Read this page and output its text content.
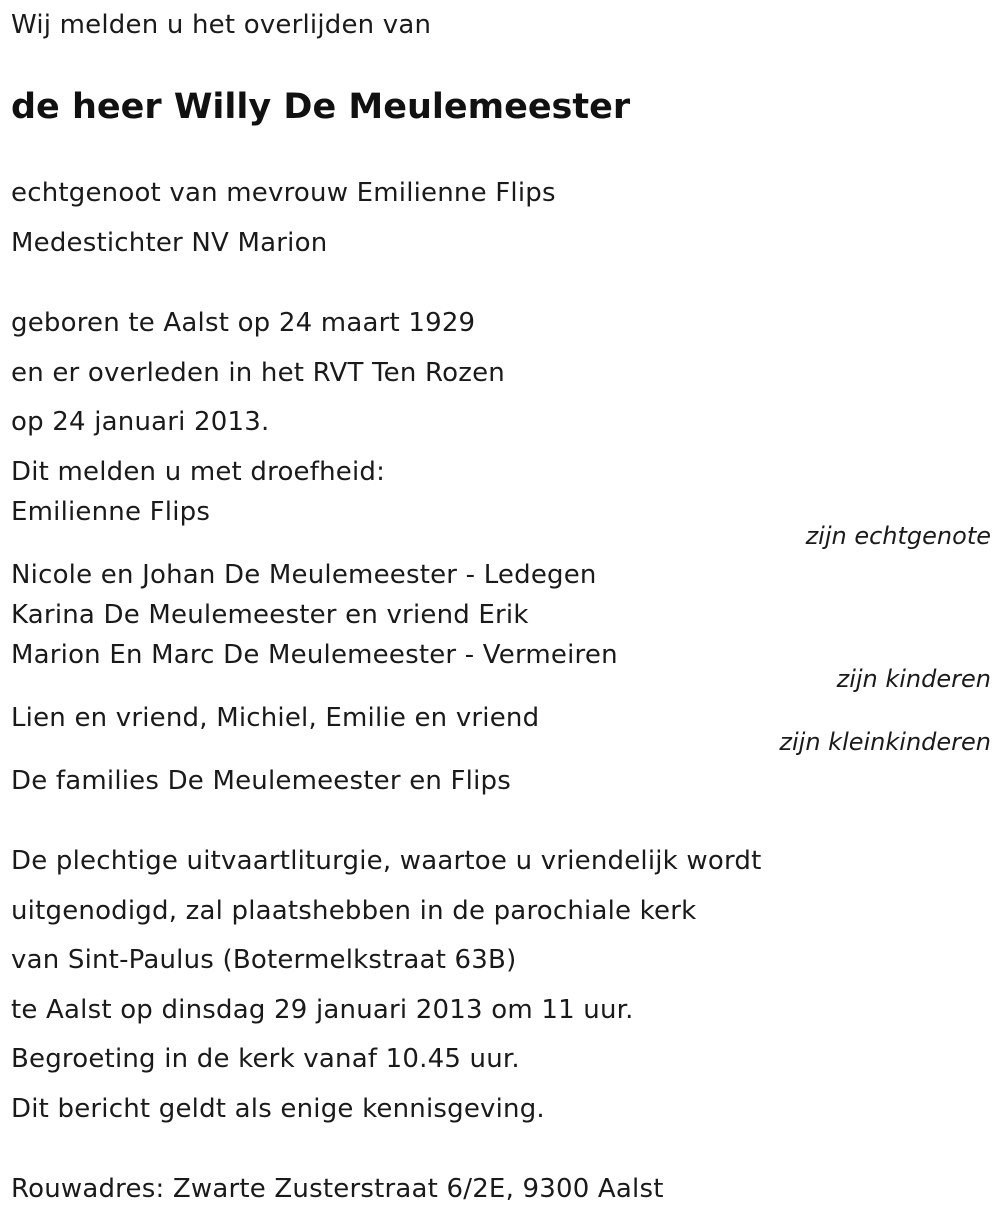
Wij melden u het overlijden van
de heer Willy De Meulemeester
echtgenoot van mevrouw Emilienne Flips
Medestichter NV Marion
geboren te Aalst op 24 maart 1929
en er overleden in het RVT Ten Rozen
op 24 januari 2013.
Dit melden u met droefheid:
Emilienne Flips
zijn echtgenote
Nicole en Johan De Meulemeester - Ledegen
Karina De Meulemeester en vriend Erik
Marion En Marc De Meulemeester - Vermeiren
zijn kinderen
Lien en vriend, Michiel, Emilie en vriend
zijn kleinkinderen
De families De Meulemeester en Flips
De plechtige uitvaartliturgie, waartoe u vriendelijk wordt
uitgenodigd, zal plaatshebben in de parochiale kerk
van Sint-Paulus (Botermelkstraat 63B)
te Aalst op dinsdag 29 januari 2013 om 11 uur.
Begroeting in de kerk vanaf 10.45 uur.
Dit bericht geldt als enige kennisgeving.
Rouwadres: Zwarte Zusterstraat 6/2E, 9300 Aalst
